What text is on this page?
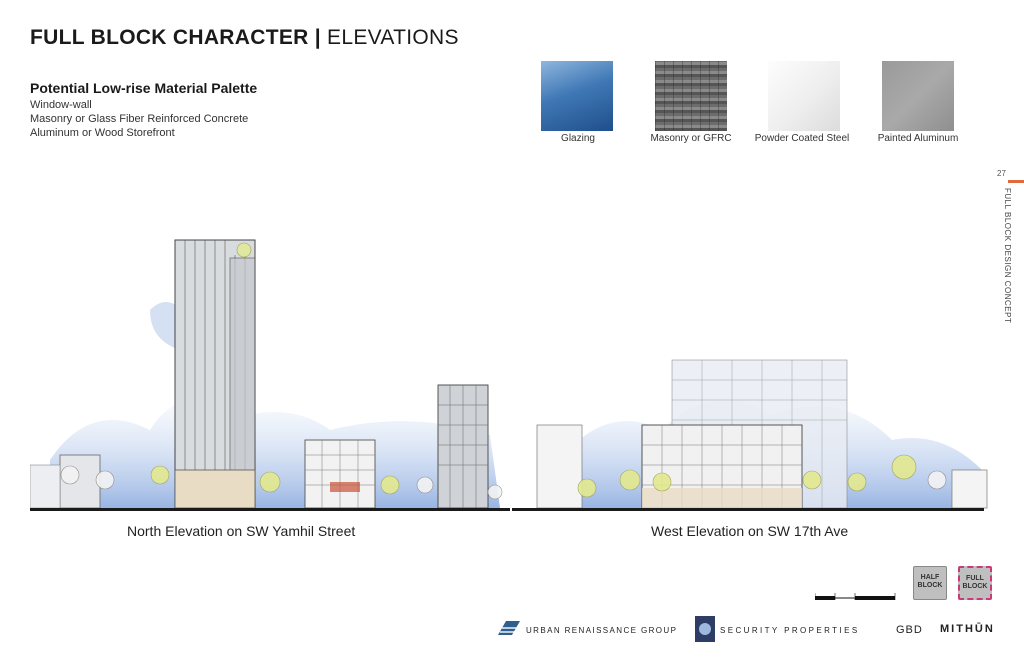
FULL BLOCK CHARACTER | ELEVATIONS
Potential Low-rise Material Palette
Window-wall
Masonry or Glass Fiber Reinforced Concrete
Aluminum or Wood Storefront	Glazing	Masonry or GFRC	Powder Coated Steel	Painted Aluminum
27
FULL BLOCK DESIGN CONCEPT
North Elevation on SW Yamhil Street	West Elevation on SW 17th Ave
HALF BLOCK
FULL BLOCK
URBAN RENAISSANCE GROUP	SECURITY PROPERTIES	GBD MITHŪN
